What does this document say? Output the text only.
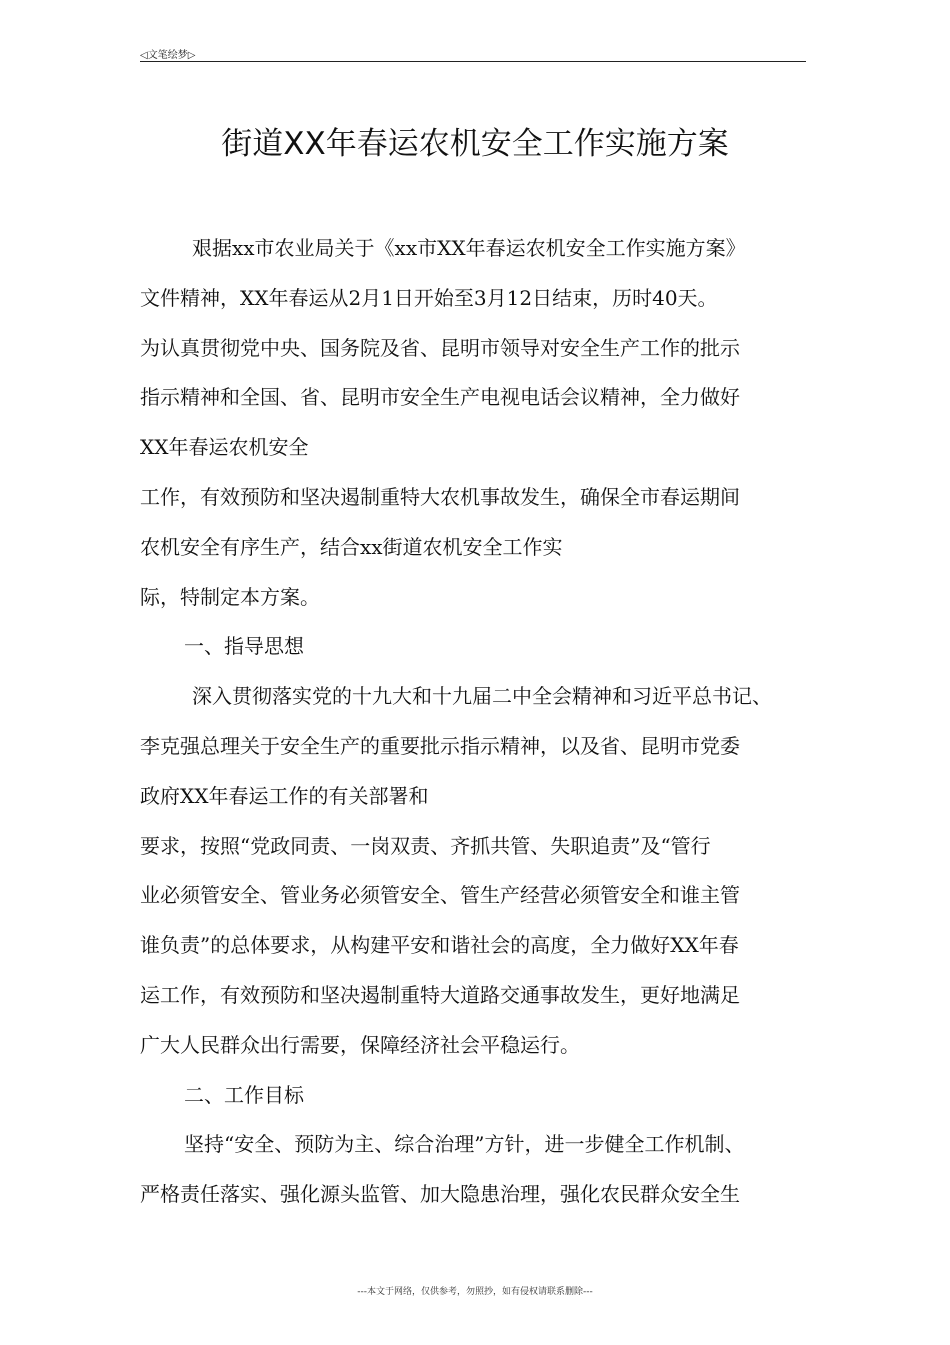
◁文笔绘梦▷
街道XX年春运农机安全工作实施方案
艰据xx市农业局关于《xx市XX年春运农机安全工作实施方案》
文件精神，XX年春运从2月1日开始至3月12日结束，历时40天。
为认真贯彻党中央、国务院及省、昆明市领导对安全生产工作的批示
指示精神和全国、省、昆明市安全生产电视电话会议精神，全力做好
XX年春运农机安全
工作，有效预防和坚决遏制重特大农机事故发生，确保全市春运期间
农机安全有序生产，结合xx街道农机安全工作实
际，特制定本方案。
一、指导思想
深入贯彻落实党的十九大和十九届二中全会精神和习近平总书记、
李克强总理关于安全生产的重要批示指示精神，以及省、昆明市党委
政府XX年春运工作的有关部署和
要求，按照“党政同责、一岗双责、齐抓共管、失职追责”及“管行
业必须管安全、管业务必须管安全、管生产经营必须管安全和谁主管
谁负责”的总体要求，从构建平安和谐社会的高度，全力做好XX年春
运工作，有效预防和坚决遏制重特大道路交通事故发生，更好地满足
广大人民群众出行需要，保障经济社会平稳运行。
二、工作目标
坚持“安全、预防为主、综合治理”方针，进一步健全工作机制、
严格责任落实、强化源头监管、加大隐患治理，强化农民群众安全生
---本文于网络，仅供参考，勿照抄，如有侵权请联系删除---
